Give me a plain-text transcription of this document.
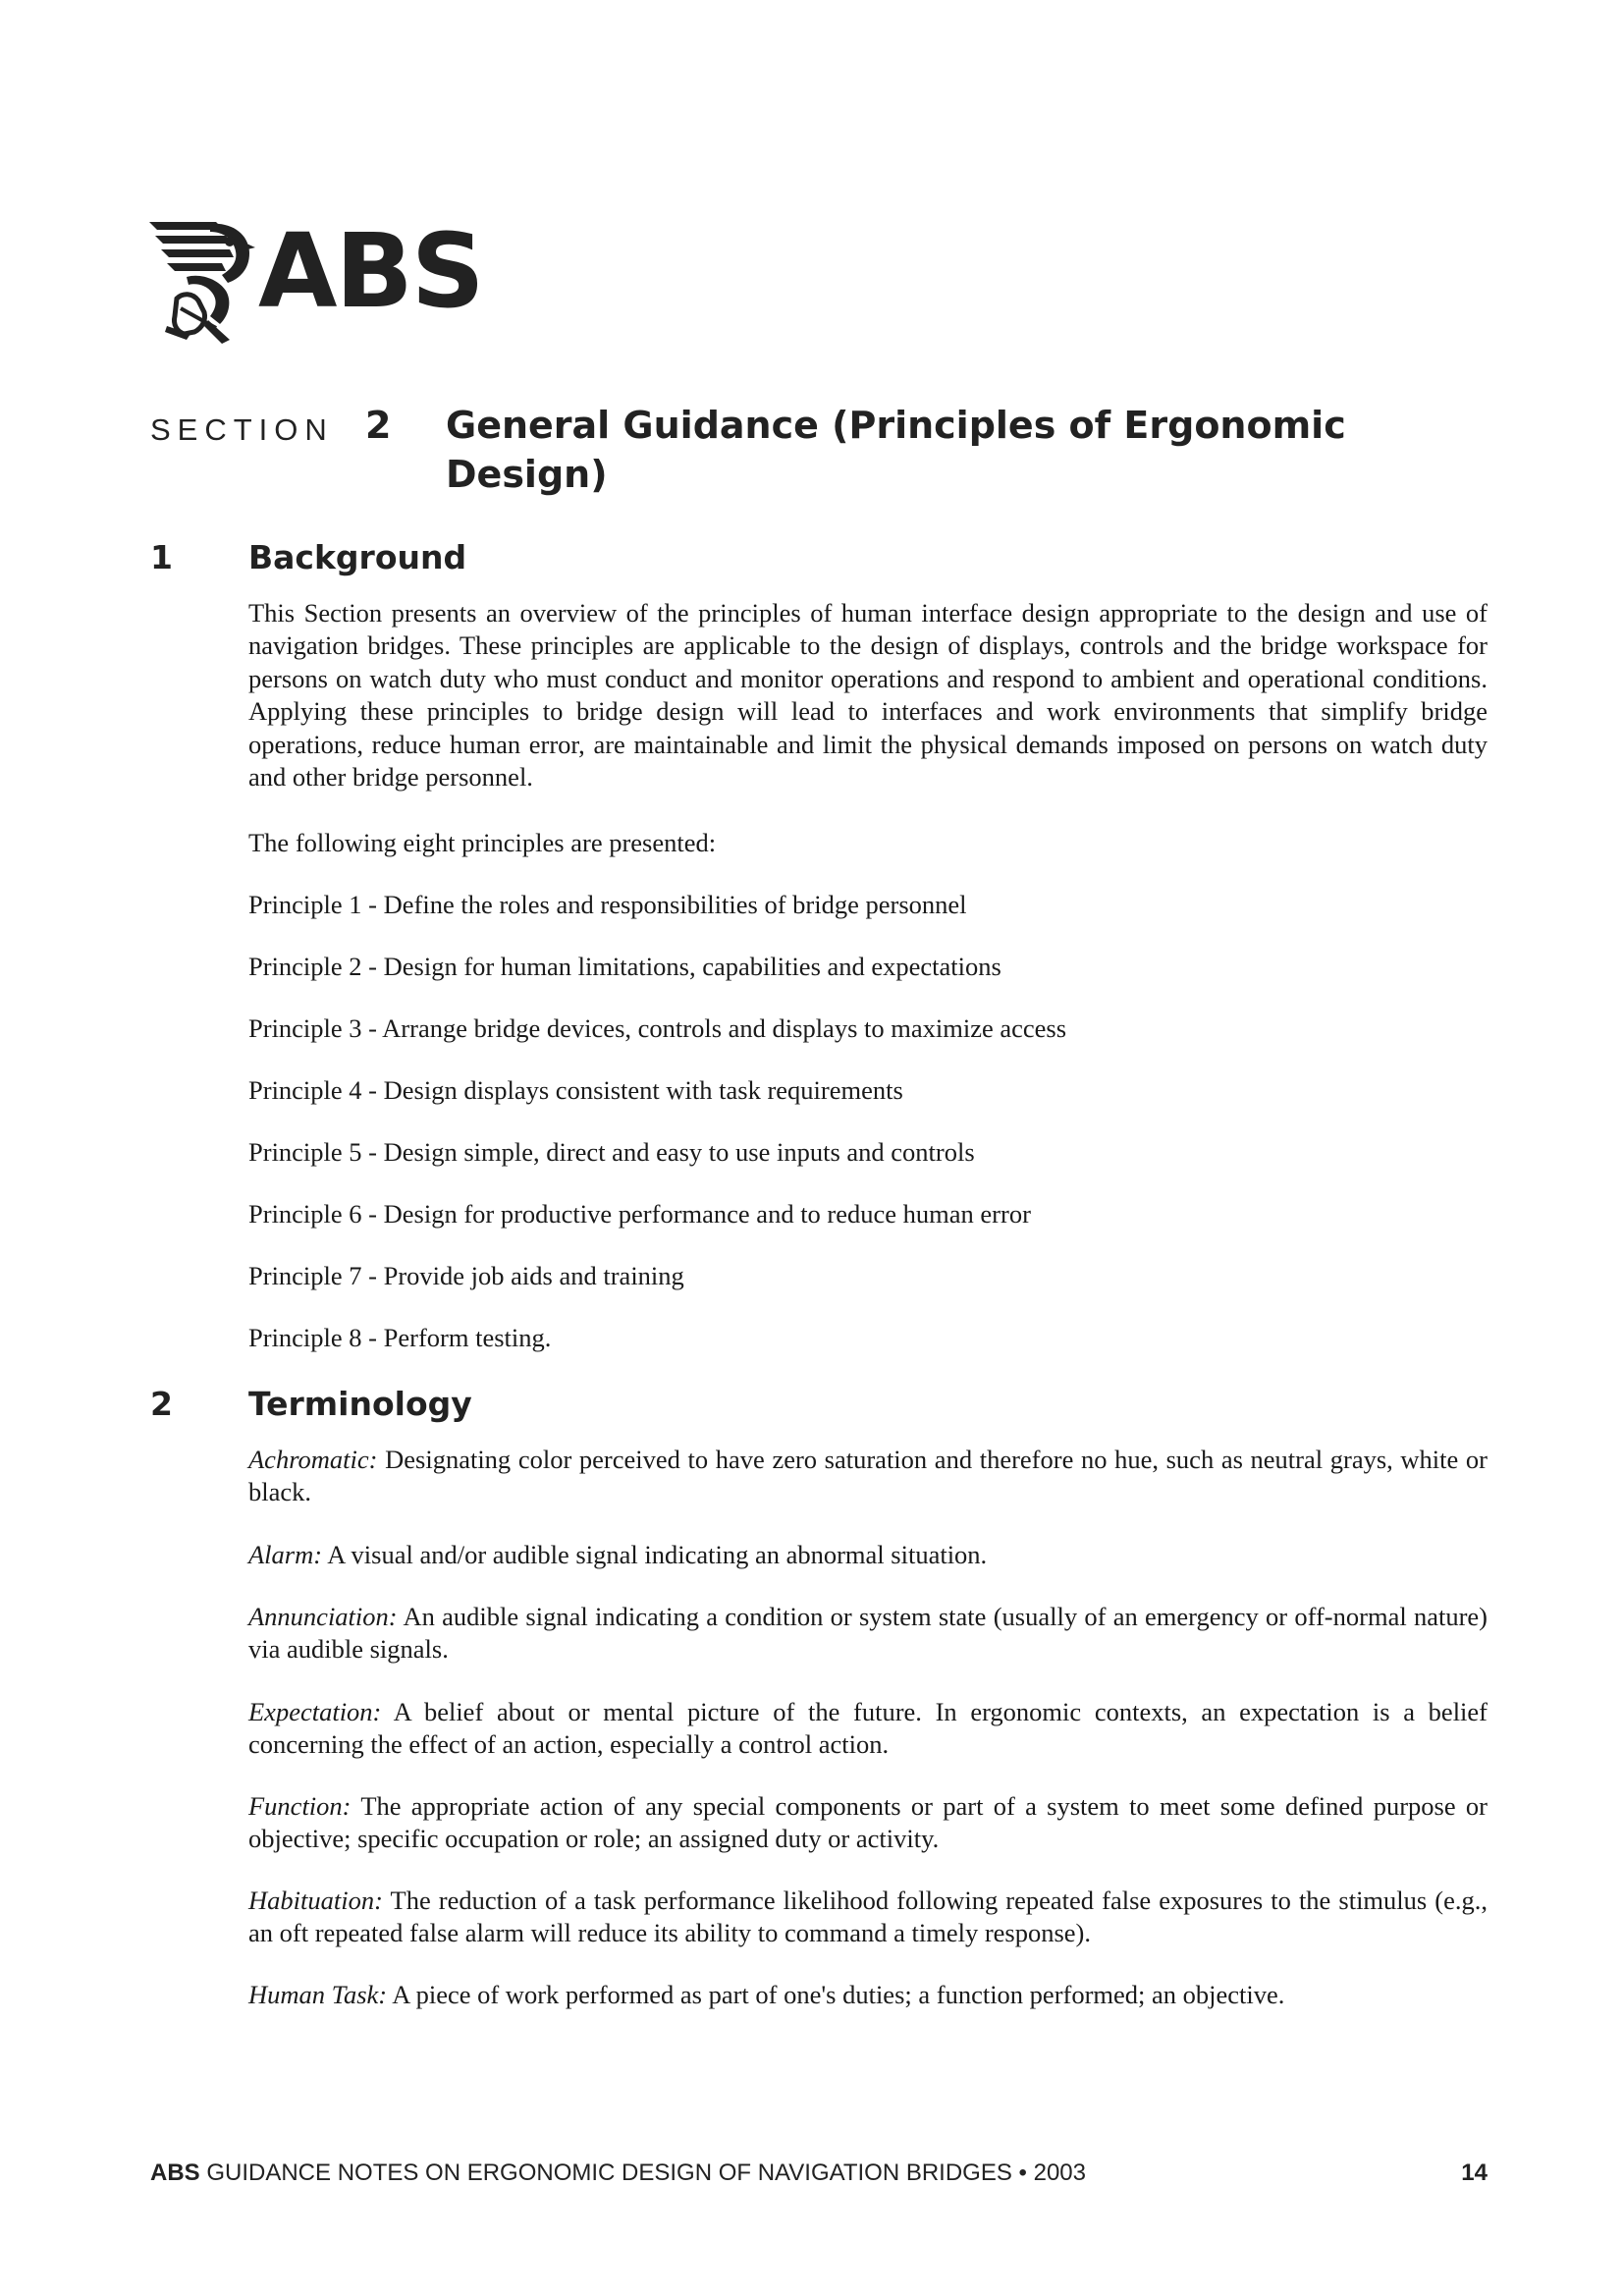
ABS
SECTION 2 General Guidance (Principles of Ergonomic Design)
1 Background

This Section presents an overview of the principles of human interface design appropriate to the design and use of navigation bridges. These principles are applicable to the design of displays, controls and the bridge workspace for persons on watch duty who must conduct and monitor operations and respond to ambient and operational conditions. Applying these principles to bridge design will lead to interfaces and work environments that simplify bridge operations, reduce human error, are maintainable and limit the physical demands imposed on persons on watch duty and other bridge personnel.

The following eight principles are presented:

Principle 1 - Define the roles and responsibilities of bridge personnel
Principle 2 - Design for human limitations, capabilities and expectations
Principle 3 - Arrange bridge devices, controls and displays to maximize access
Principle 4 - Design displays consistent with task requirements
Principle 5 - Design simple, direct and easy to use inputs and controls
Principle 6 - Design for productive performance and to reduce human error
Principle 7 - Provide job aids and training
Principle 8 - Perform testing.
2 Terminology

Achromatic: Designating color perceived to have zero saturation and therefore no hue, such as neutral grays, white or black.

Alarm: A visual and/or audible signal indicating an abnormal situation.

Annunciation: An audible signal indicating a condition or system state (usually of an emergency or off-normal nature) via audible signals.

Expectation: A belief about or mental picture of the future. In ergonomic contexts, an expectation is a belief concerning the effect of an action, especially a control action.

Function: The appropriate action of any special components or part of a system to meet some defined purpose or objective; specific occupation or role; an assigned duty or activity.

Habituation: The reduction of a task performance likelihood following repeated false exposures to the stimulus (e.g., an oft repeated false alarm will reduce its ability to command a timely response).

Human Task: A piece of work performed as part of one's duties; a function performed; an objective.

ABS GUIDANCE NOTES ON ERGONOMIC DESIGN OF NAVIGATION BRIDGES • 2003	14
